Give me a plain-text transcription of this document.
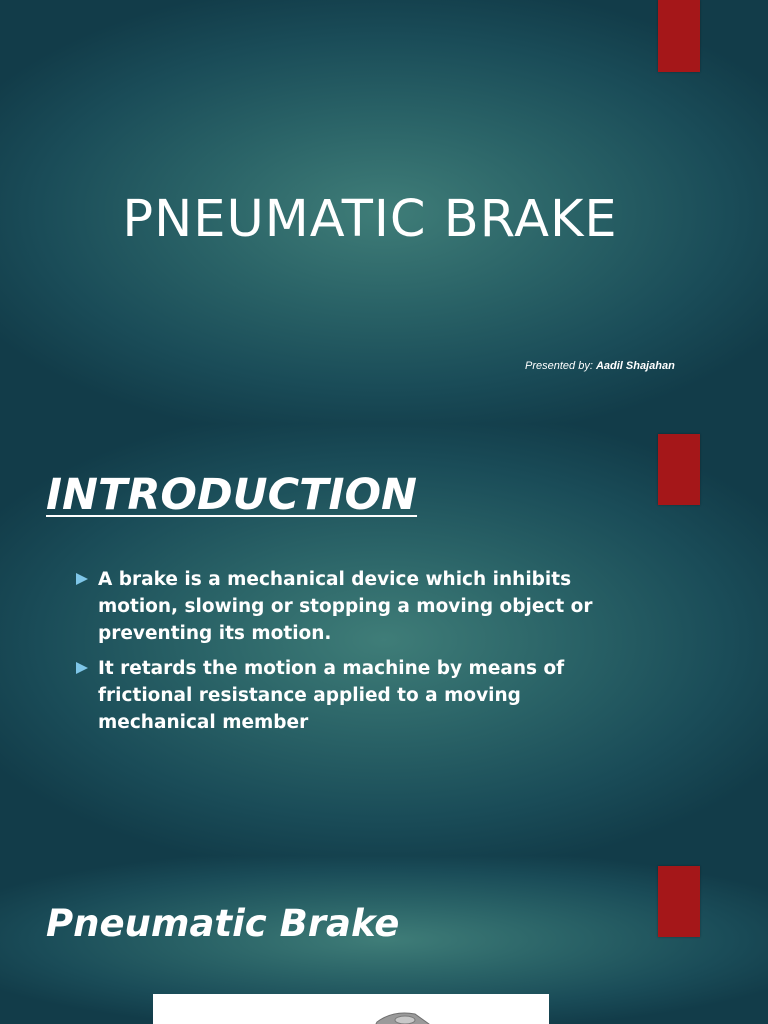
PNEUMATIC BRAKE
Presented by: Aadil Shajahan
INTRODUCTION
A brake is a mechanical device which inhibits motion, slowing or stopping a moving object or preventing its motion.
It retards the motion a machine by means of frictional resistance applied to a moving mechanical member
Pneumatic Brake
